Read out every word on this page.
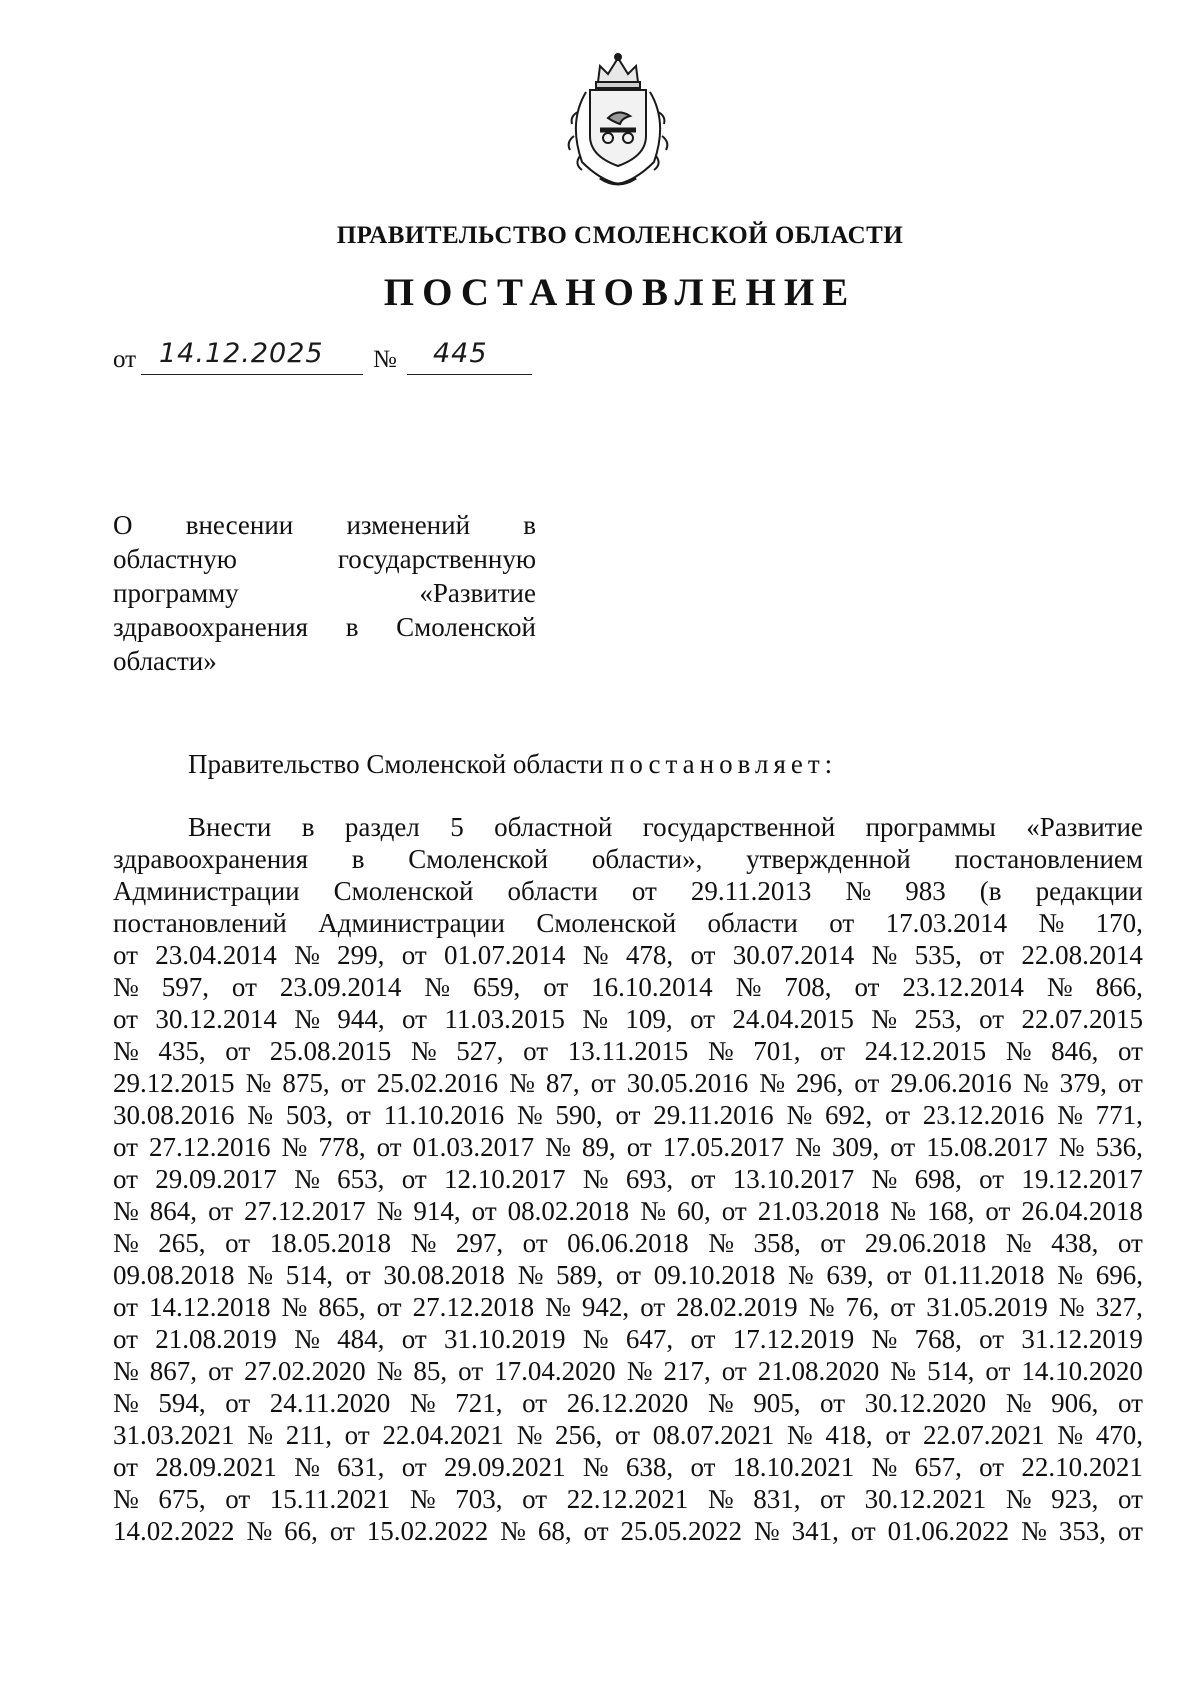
ПРАВИТЕЛЬСТВО СМОЛЕНСКОЙ ОБЛАСТИ
ПОСТАНОВЛЕНИЕ
от 14.12.2025 № 445
О внесении изменений в
областную	государственную
программу	«Развитие
здравоохранения в Смоленской
области»
Правительство Смоленской области постановляет:
Внести в раздел 5 областной государственной программы «Развитие
здравоохранения в Смоленской области», утвержденной постановлением
Администрации Смоленской области от 29.11.2013 № 983 (в редакции
постановлений Администрации Смоленской области от 17.03.2014 № 170,
от 23.04.2014 № 299, от 01.07.2014 № 478, от 30.07.2014 № 535, от 22.08.2014
№ 597, от 23.09.2014 № 659, от 16.10.2014 № 708, от 23.12.2014 № 866,
от 30.12.2014 № 944, от 11.03.2015 № 109, от 24.04.2015 № 253, от 22.07.2015
№ 435, от 25.08.2015 № 527, от 13.11.2015 № 701, от 24.12.2015 № 846, от
29.12.2015 № 875, от 25.02.2016 № 87, от 30.05.2016 № 296, от 29.06.2016 № 379, от
30.08.2016 № 503, от 11.10.2016 № 590, от 29.11.2016 № 692, от 23.12.2016 № 771,
от 27.12.2016 № 778, от 01.03.2017 № 89, от 17.05.2017 № 309, от 15.08.2017 № 536,
от 29.09.2017 № 653, от 12.10.2017 № 693, от 13.10.2017 № 698, от 19.12.2017
№ 864, от 27.12.2017 № 914, от 08.02.2018 № 60, от 21.03.2018 № 168, от 26.04.2018
№ 265, от 18.05.2018 № 297, от 06.06.2018 № 358, от 29.06.2018 № 438, от
09.08.2018 № 514, от 30.08.2018 № 589, от 09.10.2018 № 639, от 01.11.2018 № 696,
от 14.12.2018 № 865, от 27.12.2018 № 942, от 28.02.2019 № 76, от 31.05.2019 № 327,
от 21.08.2019 № 484, от 31.10.2019 № 647, от 17.12.2019 № 768, от 31.12.2019
№ 867, от 27.02.2020 № 85, от 17.04.2020 № 217, от 21.08.2020 № 514, от 14.10.2020
№ 594, от 24.11.2020 № 721, от 26.12.2020 № 905, от 30.12.2020 № 906, от
31.03.2021 № 211, от 22.04.2021 № 256, от 08.07.2021 № 418, от 22.07.2021 № 470,
от 28.09.2021 № 631, от 29.09.2021 № 638, от 18.10.2021 № 657, от 22.10.2021
№ 675, от 15.11.2021 № 703, от 22.12.2021 № 831, от 30.12.2021 № 923, от
14.02.2022 № 66, от 15.02.2022 № 68, от 25.05.2022 № 341, от 01.06.2022 № 353, от
